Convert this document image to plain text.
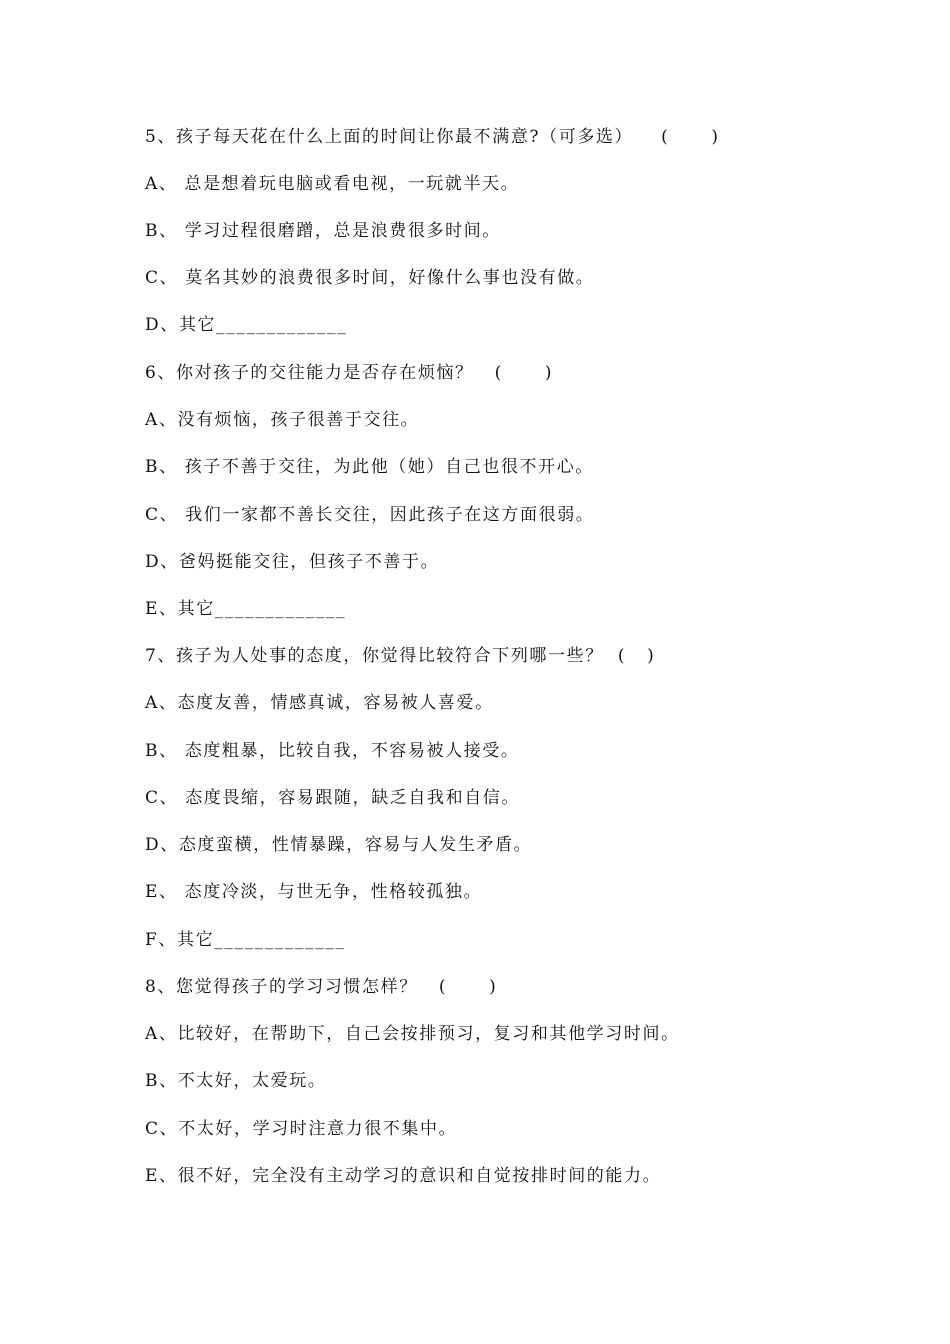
5、孩子每天花在什么上面的时间让你最不满意?（可多选）    (      )
A、 总是想着玩电脑或看电视，一玩就半天。
B、 学习过程很磨蹭，总是浪费很多时间。
C、 莫名其妙的浪费很多时间，好像什么事也没有做。
D、其它_____________
6、你对孩子的交往能力是否存在烦恼？   (      )
A、没有烦恼，孩子很善于交往。
B、 孩子不善于交往，为此他（她）自己也很不开心。
C、 我们一家都不善长交往，因此孩子在这方面很弱。
D、爸妈挺能交往，但孩子不善于。
E、其它_____________
7、孩子为人处事的态度，你觉得比较符合下列哪一些？  (   )
A、态度友善，情感真诚，容易被人喜爱。
B、 态度粗暴，比较自我，不容易被人接受。
C、 态度畏缩，容易跟随，缺乏自我和自信。
D、态度蛮横，性情暴躁，容易与人发生矛盾。
E、 态度冷淡，与世无争，性格较孤独。
F、其它_____________
8、您觉得孩子的学习习惯怎样？   (      )
A、比较好，在帮助下，自己会按排预习，复习和其他学习时间。
B、不太好，太爱玩。
C、不太好，学习时注意力很不集中。
E、很不好，完全没有主动学习的意识和自觉按排时间的能力。
